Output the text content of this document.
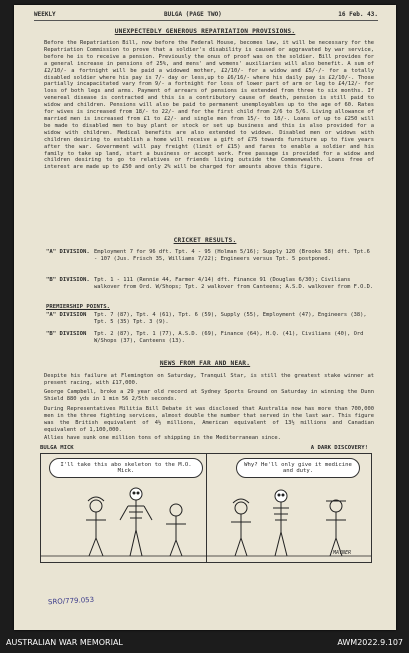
WEEKLY	BULGA (PAGE TWO)	16 Feb. 43.
UNEXPECTEDLY GENEROUS REPATRIATION PROVISIONS.
Before the Repatriation Bill, now before the Federal House, becomes law, it will be necessary for the Repatriation Commission to prove that a soldier's disability is caused or aggravated by war service, before he is to receive a pension. Previously the onus of proof was on the soldier. Bill provides for a general increase in pensions of 25%, and mens' and womens' auxiliaries will also benefit. A sum of £2/10/- a fortnight will be paid a widowed mother, £2/10/- for a widow and £5/-/- for a totally disabled soldier where his pay is 7/- day or less,up to £6/16/- where his daily pay is £2/10/-. Those partially incapacitated vary from 9/- a fortnight for loss of lower part of arm or leg to £4/12/- for loss of both legs and arms. Payment of arrears of pensions is extended from three to six months. If venereal disease is contracted and this is a contributory cause of death, pension is still paid to widow and children. Pensions will also be paid to permanent unemployables up to the age of 60. Rates for wives is increased from 18/- to 22/- and for the first child from 2/6 to 5/6. Living allowance of married men is increased from £1 to £2/- and single men from 15/- to 18/-. Loans of up to £250 will be made to disabled men to buy plant or stock or set up business and this is also provided for a widow with children. Medical benefits are also extended to widows. Disabled men or widows with children desiring to establish a home will receive a gift of £75 towards furniture up to five years after the war. Government will pay freight (limit of £15) and fares to enable a soldier and his family to take up land, start a business or accept work. Free passage is provided for a widow and children desiring to go to relatives or friends living outside the Commonwealth. Loans free of interest are made up to £50 and only 2% will be charged for amounts above this figure.
CRICKET RESULTS.
"A" DIVISION. Employment 7 for 96 dft. Tpt. 4 - 95 (Holman 5/16); Supply 120 (Brooks 58) dft. Tpt.6 - 107 (Jus. Frisch 35, Williams 7/22); Engineers versus Tpt. 5 postponed.
"B" DIVISION. Tpt. 1 - 111 (Rennie 44, Farmer 4/14) dft. Finance 91 (Douglas 6/30); Civilians walkover from Ord. W/Shops; Tpt. 2 walkover from Canteens; A.S.D. walkover from F.O.D.
PREMIERSHIP POINTS.
"A" DIVISION Tpt. 7 (87), Tpt. 4 (61), Tpt. 6 (59), Supply (55), Employment (47), Engineers (38), Tpt. 5 (35) Tpt. 3 (9).
"B" DIVISION Tpt. 2 (87), Tpt. 1 (77), A.S.D. (69), Finance (64), H.Q. (41), Civilians (40), Ord W/Shops (37), Canteens (13).
NEWS FROM FAR AND NEAR.
Despite his failure at Flemington on Saturday, Tranquil Star, is still the greatest stake winner at present racing, with £17,000.
George Campbell, broke a 29 year old record at Sydney Sports Ground on Saturday in winning the Dunn Shield 880 yds in 1 min 56 2/5th seconds.
During Representatives Militia Bill Debate it was disclosed that Australia now has more than 700,000 men in the three fighting services, almost double the number that served in the last war. This figure was the British equivalent of 4½ millions, American equivalent of 13½ millions and Canadian equivalent of 1,100,000.
Allies have sunk one million tons of shipping in the Mediterranean since.
BULGA MICK	A DARK DISCOVERY!
I'll take this abo skeleton to the M.O. Mick.
Why? He'll only give it medicine and duty.
MAYNER
SRO/779.053
AUSTRALIAN WAR MEMORIAL	AWM2022.9.107
